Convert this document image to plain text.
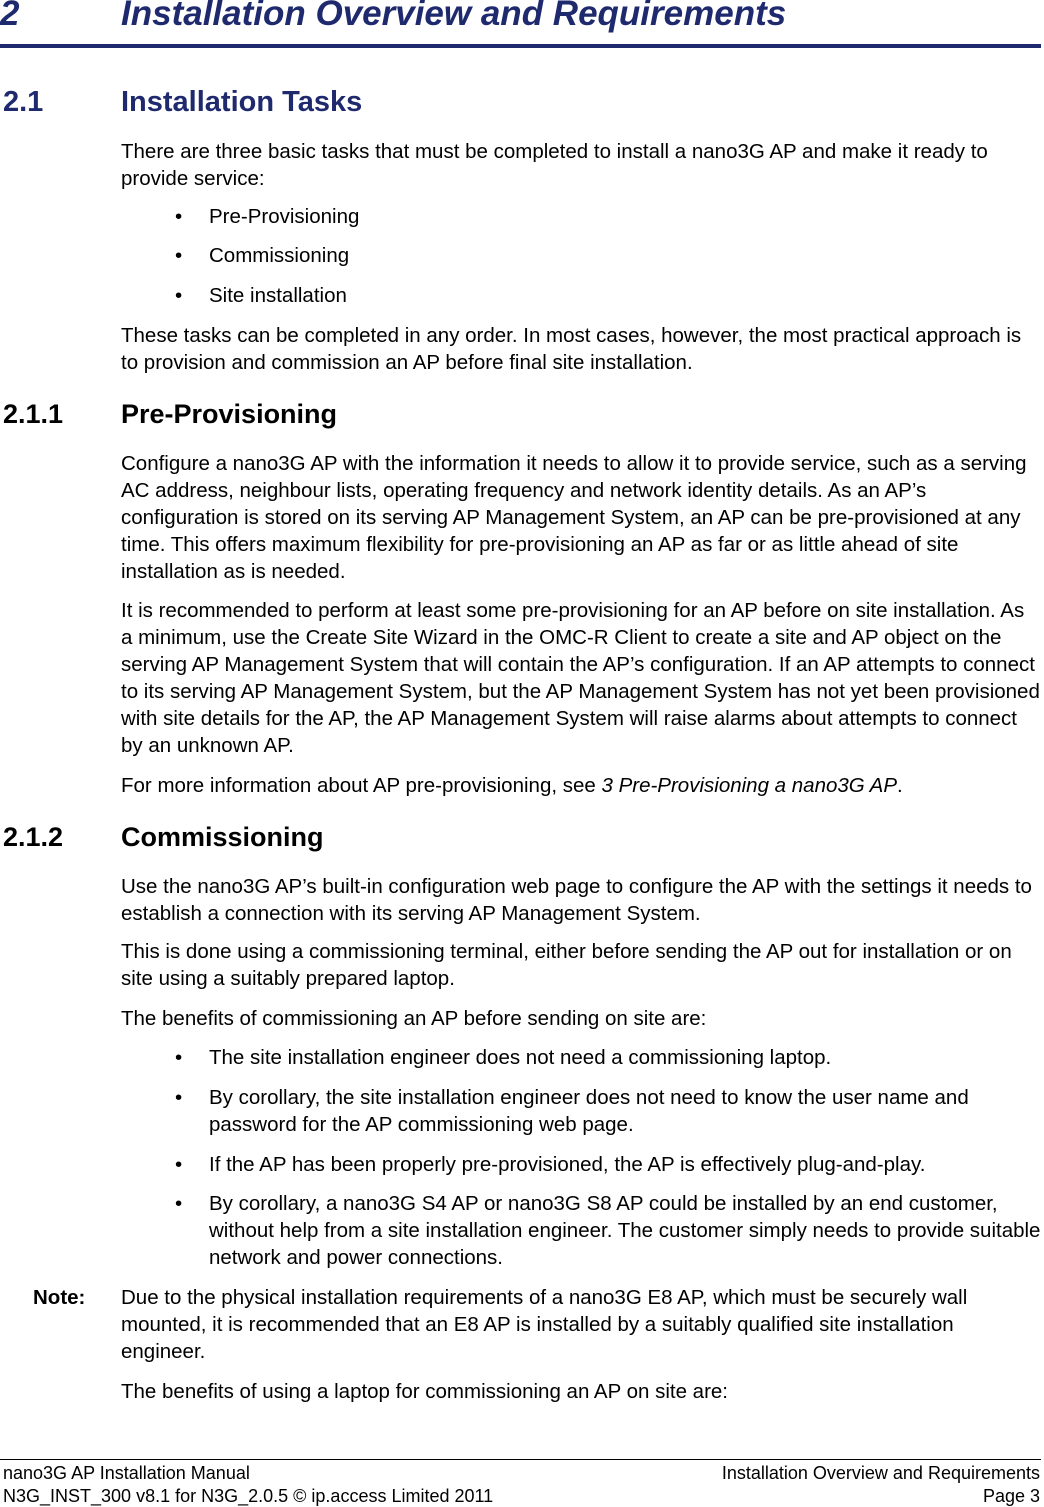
2	Installation Overview and Requirements
2.1	Installation Tasks

There are three basic tasks that must be completed to install a nano3G AP and make it ready to provide service:

• Pre-Provisioning
• Commissioning
• Site installation

These tasks can be completed in any order. In most cases, however, the most practical approach is to provision and commission an AP before final site installation.

2.1.1 Pre-Provisioning

Configure a nano3G AP with the information it needs to allow it to provide service, such as a serving AC address, neighbour lists, operating frequency and network identity details. As an AP’s configuration is stored on its serving AP Management System, an AP can be pre-provisioned at any time. This offers maximum flexibility for pre-provisioning an AP as far or as little ahead of site installation as is needed.

It is recommended to perform at least some pre-provisioning for an AP before on site installation. As a minimum, use the Create Site Wizard in the OMC-R Client to create a site and AP object on the serving AP Management System that will contain the AP’s configuration. If an AP attempts to connect to its serving AP Management System, but the AP Management System has not yet been provisioned with site details for the AP, the AP Management System will raise alarms about attempts to connect by an unknown AP.

For more information about AP pre-provisioning, see 3 Pre-Provisioning a nano3G AP.

2.1.2 Commissioning

Use the nano3G AP’s built-in configuration web page to configure the AP with the settings it needs to establish a connection with its serving AP Management System.

This is done using a commissioning terminal, either before sending the AP out for installation or on site using a suitably prepared laptop.

The benefits of commissioning an AP before sending on site are:

• The site installation engineer does not need a commissioning laptop.
• By corollary, the site installation engineer does not need to know the user name and password for the AP commissioning web page.
• If the AP has been properly pre-provisioned, the AP is effectively plug-and-play.
• By corollary, a nano3G S4 AP or nano3G S8 AP could be installed by an end customer, without help from a site installation engineer. The customer simply needs to provide suitable network and power connections.
Note: Due to the physical installation requirements of a nano3G E8 AP, which must be securely wall mounted, it is recommended that an E8 AP is installed by a suitably qualified site installation engineer.

The benefits of using a laptop for commissioning an AP on site are:

nano3G AP Installation Manual
N3G_INST_300 v8.1 for N3G_2.0.5 © ip.access Limited 2011
Installation Overview and Requirements
Page 3
